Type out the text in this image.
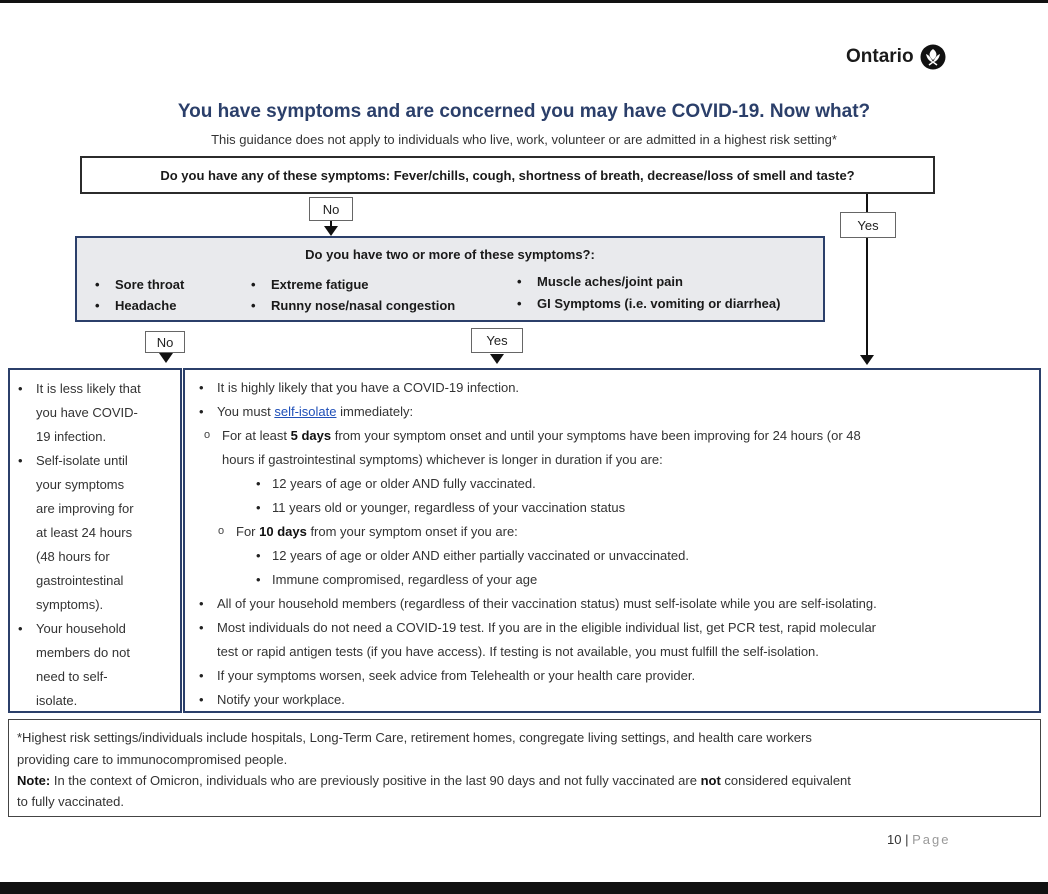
Ontario
You have symptoms and are concerned you may have COVID-19. Now what?
This guidance does not apply to individuals who live, work, volunteer or are admitted in a highest risk setting*
Do you have any of these symptoms: Fever/chills, cough, shortness of breath, decrease/loss of smell and taste?
No
Yes
Do you have two or more of these symptoms?:
• Sore throat
• Headache
• Extreme fatigue
• Runny nose/nasal congestion
• Muscle aches/joint pain
• GI Symptoms (i.e. vomiting or diarrhea)
No	Yes
• It is less likely that
you have COVID-
19 infection.
• Self-isolate until
your symptoms
are improving for
at least 24 hours
(48 hours for
gastrointestinal
symptoms).
• Your household
members do not
need to self-
isolate.
• It is highly likely that you have a COVID-19 infection.
• You must self-isolate immediately:
o For at least 5 days from your symptom onset and until your symptoms have been improving for 24 hours (or 48
hours if gastrointestinal symptoms) whichever is longer in duration if you are:
• 12 years of age or older AND fully vaccinated.
• 11 years old or younger, regardless of your vaccination status
o For 10 days from your symptom onset if you are:
• 12 years of age or older AND either partially vaccinated or unvaccinated.
• Immune compromised, regardless of your age
• All of your household members (regardless of their vaccination status) must self-isolate while you are self-isolating.
• Most individuals do not need a COVID-19 test. If you are in the eligible individual list, get PCR test, rapid molecular
test or rapid antigen tests (if you have access). If testing is not available, you must fulfill the self-isolation.
• If your symptoms worsen, seek advice from Telehealth or your health care provider.
• Notify your workplace.
*Highest risk settings/individuals include hospitals, Long-Term Care, retirement homes, congregate living settings, and health care workers
providing care to immunocompromised people.
Note: In the context of Omicron, individuals who are previously positive in the last 90 days and not fully vaccinated are not considered equivalent
to fully vaccinated.
10 | Page
